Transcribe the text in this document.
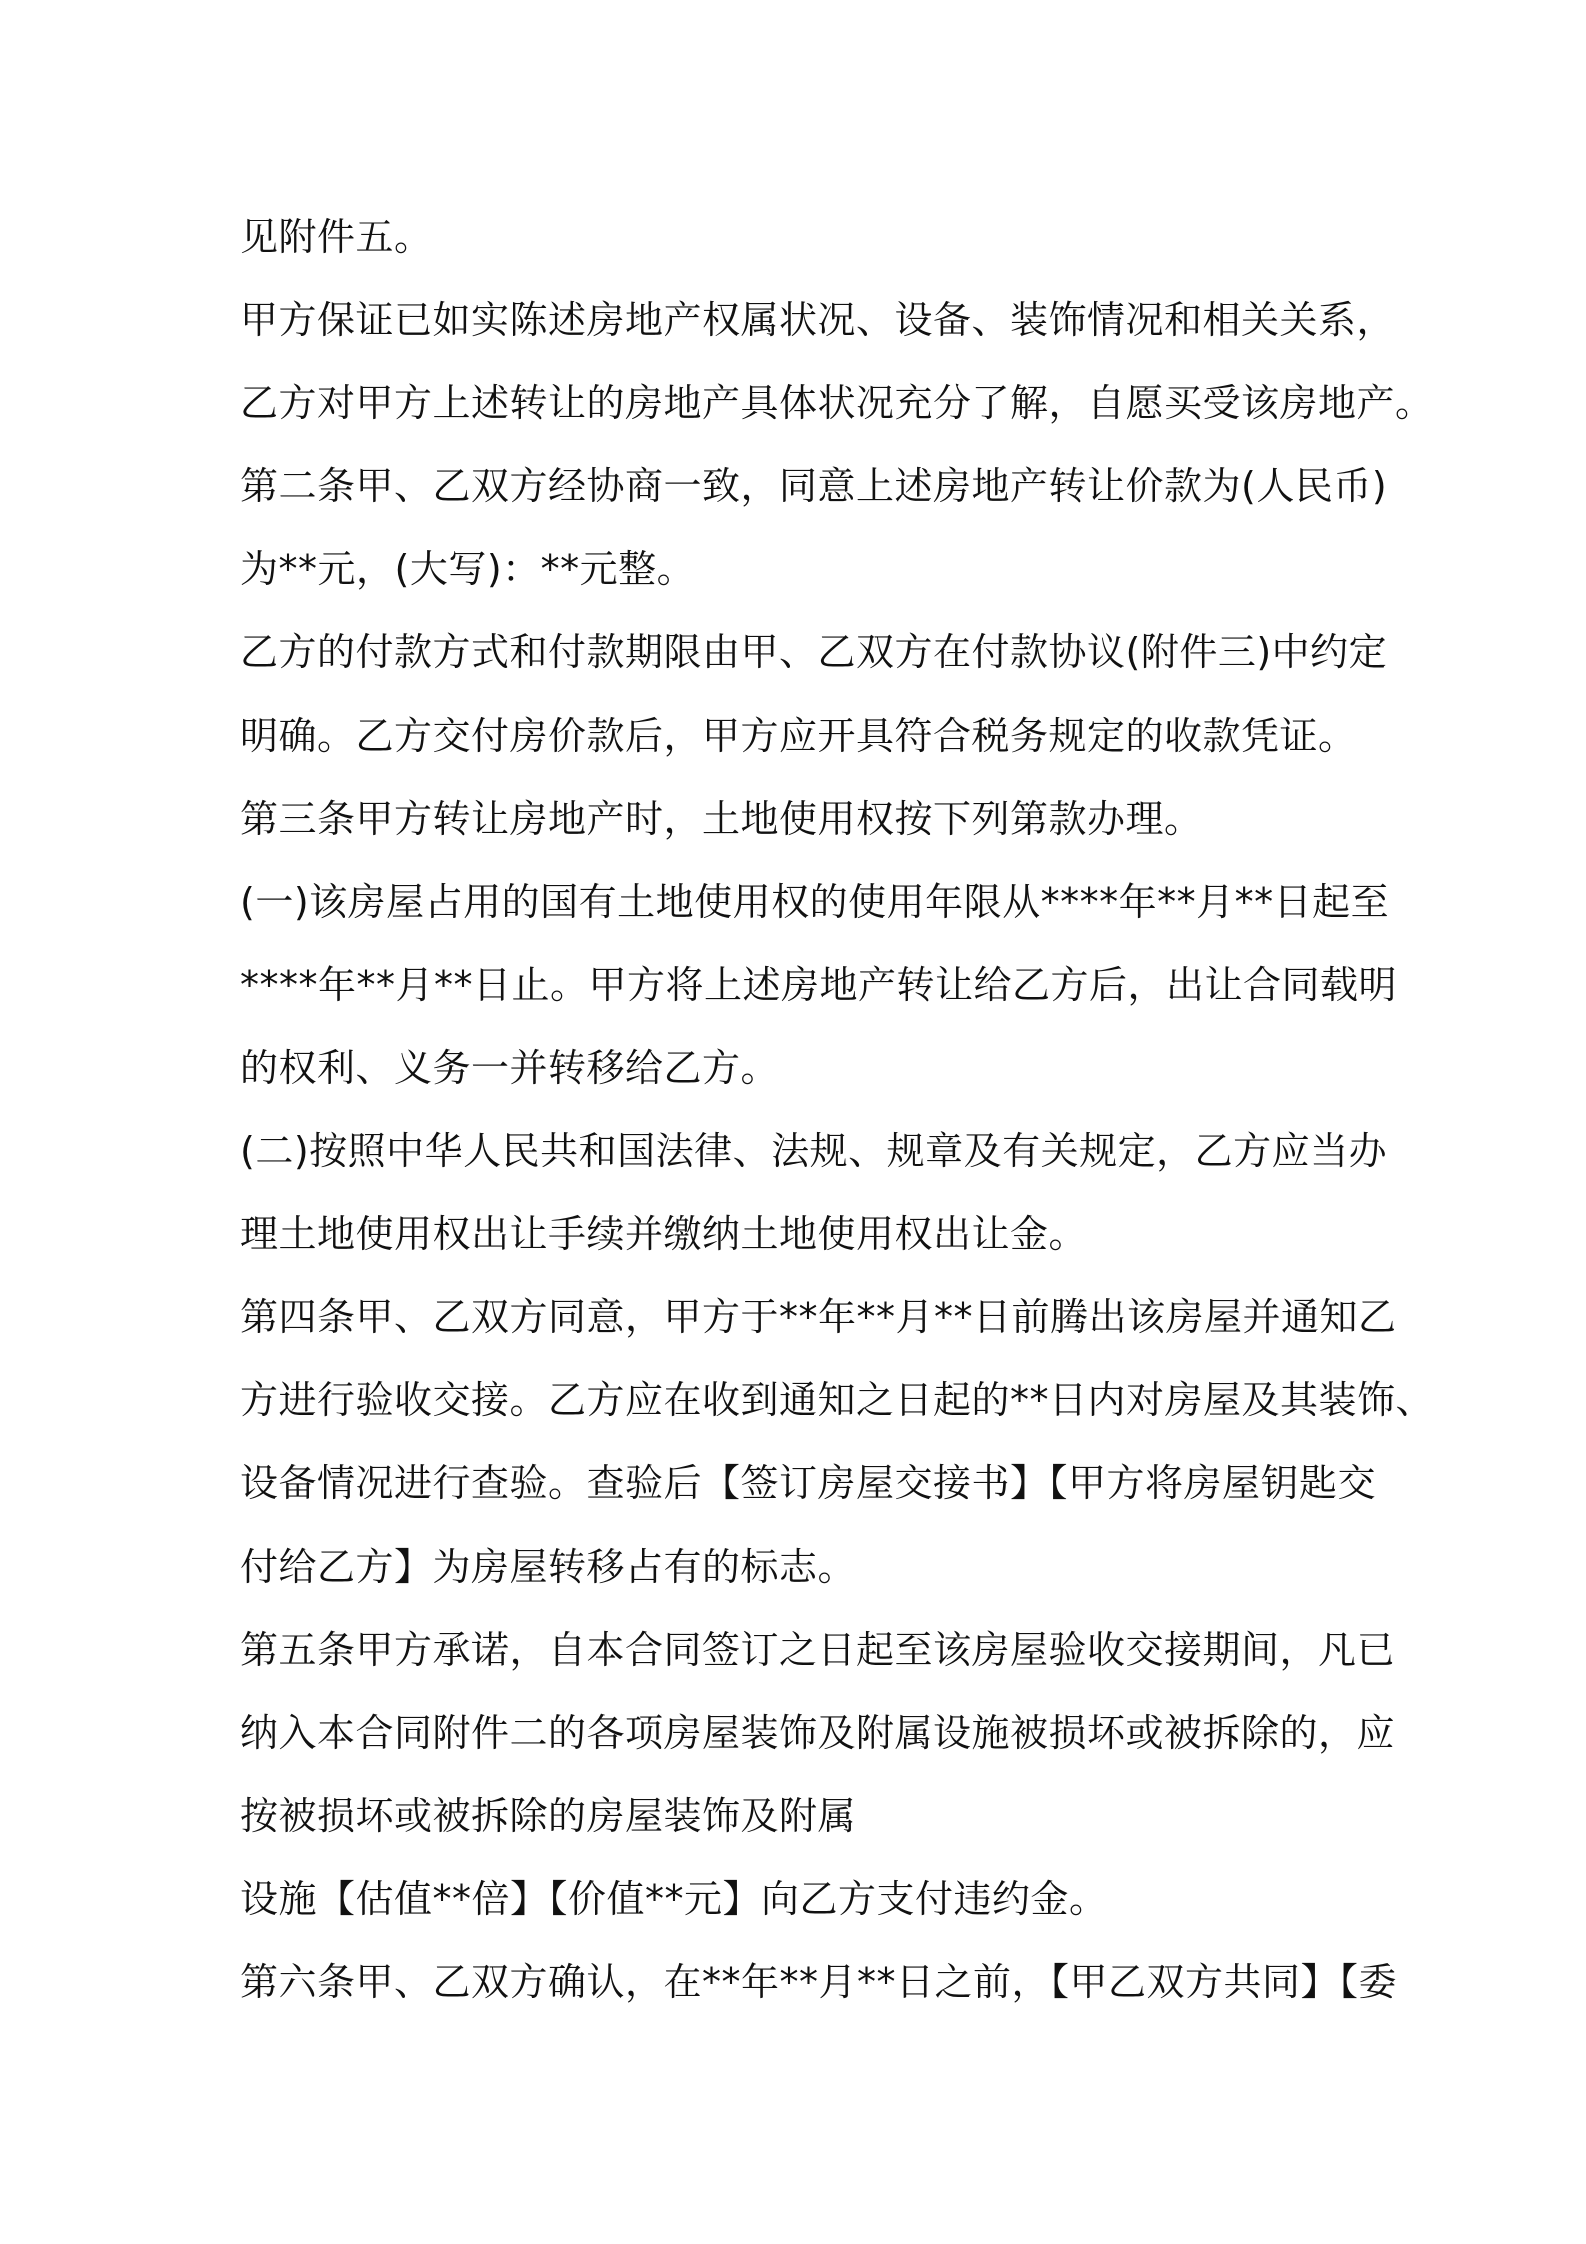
见附件五。
甲方保证已如实陈述房地产权属状况、设备、装饰情况和相关关系，
乙方对甲方上述转让的房地产具体状况充分了解，自愿买受该房地产。
第二条甲、乙双方经协商一致，同意上述房地产转让价款为(人民币)
为**元，(大写)：**元整。
乙方的付款方式和付款期限由甲、乙双方在付款协议(附件三)中约定
明确。乙方交付房价款后，甲方应开具符合税务规定的收款凭证。
第三条甲方转让房地产时，土地使用权按下列第款办理。
(一)该房屋占用的国有土地使用权的使用年限从****年**月**日起至
****年**月**日止。甲方将上述房地产转让给乙方后，出让合同载明
的权利、义务一并转移给乙方。
(二)按照中华人民共和国法律、法规、规章及有关规定，乙方应当办
理土地使用权出让手续并缴纳土地使用权出让金。
第四条甲、乙双方同意，甲方于**年**月**日前腾出该房屋并通知乙
方进行验收交接。乙方应在收到通知之日起的**日内对房屋及其装饰、
设备情况进行查验。查验后【签订房屋交接书】【甲方将房屋钥匙交
付给乙方】为房屋转移占有的标志。
第五条甲方承诺，自本合同签订之日起至该房屋验收交接期间，凡已
纳入本合同附件二的各项房屋装饰及附属设施被损坏或被拆除的，应
按被损坏或被拆除的房屋装饰及附属
设施【估值**倍】【价值**元】向乙方支付违约金。
第六条甲、乙双方确认，在**年**月**日之前，【甲乙双方共同】【委
